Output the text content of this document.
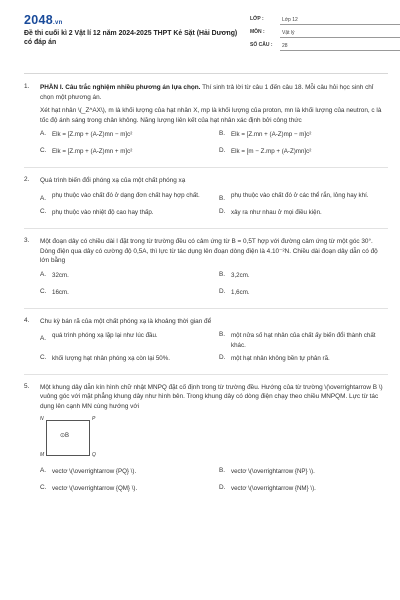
2048.vn
Đề thi cuối kì 2 Vật lí 12 năm 2024-2025 THPT Kẻ Sặt (Hải Dương) có đáp án
LỚP :	Lớp 12
MÔN :	Vật lý
SỐ CÂU :	28
1. PHẦN I. Câu trắc nghiệm nhiều phương án lựa chọn. Thí sinh trả lời từ câu 1 đến câu 18. Mỗi câu hỏi học sinh chỉ chọn một phương án.

Xét hạt nhân \(_Z^AX\), m là khối lượng của hạt nhân X, mp là khối lượng của proton, mn là khối lượng của neutron, c là tốc độ ánh sáng trong chân không. Năng lượng liên kết của hạt nhân xác định bởi công thức

A. Elk = [Z.mp + (A-Z)mn − m]c²	B. Elk = [Z.mn + (A-Z)mp − m]c²
C. Elk = [Z.mp + (A-Z)mn + m]c²	D. Elk = [m − Z.mp + (A-Z)mn]c²
2. Quá trình biến đổi phóng xạ của một chất phóng xạ

A. phụ thuộc vào chất đó ở dạng đơn chất hay hợp chất.	B. phụ thuộc vào chất đó ở các thể rắn, lỏng hay khí.
C. phụ thuộc vào nhiệt độ cao hay thấp.	D. xảy ra như nhau ở mọi điều kiện.
3. Một đoạn dây có chiều dài l đặt trong từ trường đều có cảm ứng từ B = 0,5T hợp với đường cảm ứng từ một góc 30°. Dòng điện qua dây có cường độ 0,5A, thì lực từ tác dụng lên đoạn dòng điện là 4.10⁻²N. Chiều dài đoạn dây dẫn có độ lớn bằng

A. 32cm.	B. 3,2cm.
C. 16cm.	D. 1,6cm.
4. Chu kỳ bán rã của một chất phóng xạ là khoảng thời gian để

A. quá trình phóng xạ lặp lại như lúc đầu.	B. một nửa số hạt nhân của chất ấy biến đổi thành chất khác.
C. khối lượng hạt nhân phóng xạ còn lại 50%.	D. một hạt nhân không bền tự phân rã.
5. Một khung dây dẫn kín hình chữ nhật MNPQ đặt cố định trong từ trường đều. Hướng của từ trường \(\overrightarrow B \) vuông góc với mặt phẳng khung dây như hình bên. Trong khung dây có dòng điện chạy theo chiều MNPQM. Lực từ tác dụng lên cạnh MN cùng hướng với

N	P
M	Q
⊙B
A. vectơ \(\overrightarrow {PQ} \).	B. vectơ \(\overrightarrow {NP} \).
C. vectơ \(\overrightarrow {QM} \).	D. vectơ \(\overrightarrow {NM} \).
